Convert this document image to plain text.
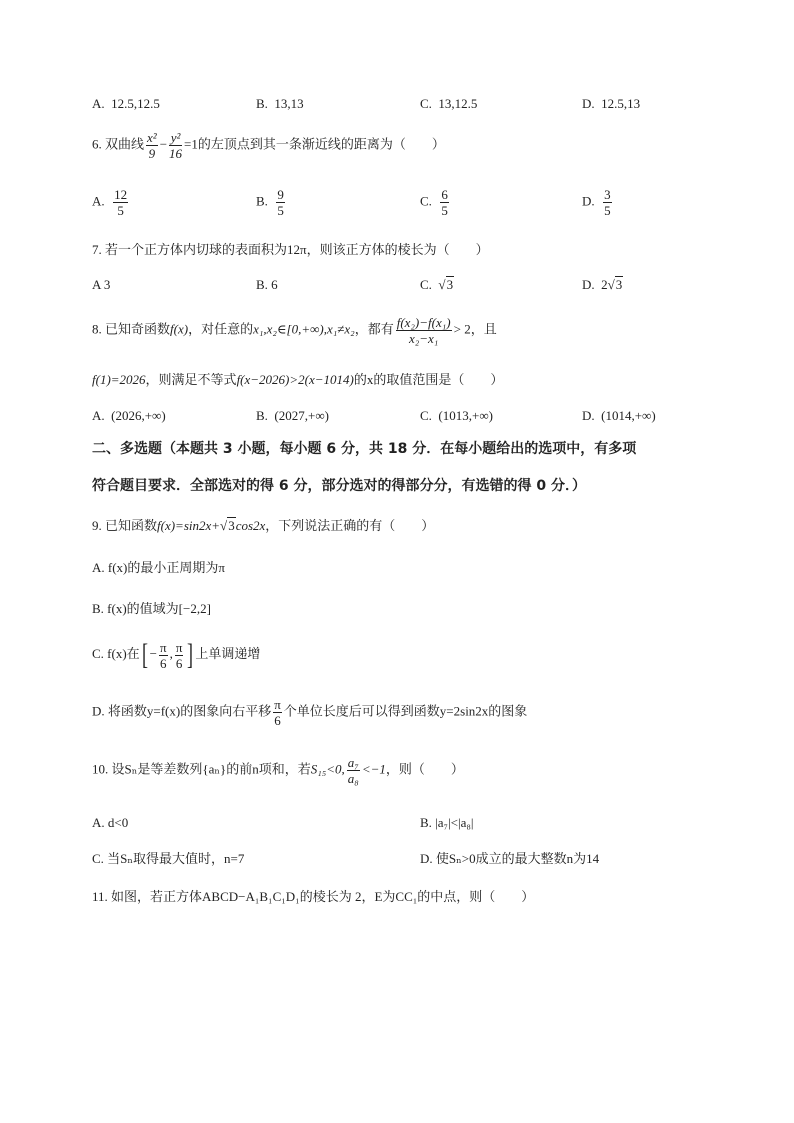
A. 12.5,12.5	B. 13,13	C. 13,12.5	D. 12.5,13
6. 双曲线 $\frac{\text{x²}}{9} - \frac{\text{y²}}{16} =1$的左顶点到其一条渐近线的距离为（　　）
A. $\frac{12}{5}$	B. $\frac{9}{5}$	C. $\frac{6}{5}$	D. $\frac{3}{5}$
7. 若一个正方体内切球的表面积为12π，则该正方体的棱长为（　　）
A 3	B. 6	C.  √3	D. 2√3
8. 已知奇函数f(x)，对任意的x₁,x₂∈[0,+∞),x₁≠x₂，都有 $\frac{\text{f(x₂)−f(x₁)}}{\text{x₂−x₁}} > 2$，且
f(1)=2026，则满足不等式f(x−2026)>2(x−1014)的x的取值范围是（　　）
A. (2026,+∞)	B. (2027,+∞)	C. (1013,+∞)	D. (1014,+∞)
二、多选题（本题共 3 小题，每小题 6 分，共 18 分．在每小题给出的选项中，有多项
符合题目要求．全部选对的得 6 分，部分选对的得部分分，有选错的得 0 分．）
9. 已知函数f(x)=sin2x+√3cos2x，下列说法正确的有（　　）
A. f(x)的最小正周期为π
B. f(x)的值域为[−2,2]
C. f(x)在[ − $\frac{\pi}{6}$ , $\frac{\pi}{6}$ ] 上单调递增
D. 将函数y=f(x)的图象向右平移 $\frac{\pi}{6}$ 个单位长度后可以得到函数y=2sin2x的图象
10. 设Sₙ是等差数列{aₙ}的前n项和，若S₁₅<0, $\frac{\text{a₇}}{\text{a₈}} <-1$，则（　　）
A. d<0	B. |a₇|<|a₈|
C. 当Sₙ取得最大值时，n=7	D. 使Sₙ>0成立的最大整数n为14
11. 如图，若正方体ABCD−A₁B₁C₁D₁的棱长为 2，E为CC₁的中点，则（　　）
